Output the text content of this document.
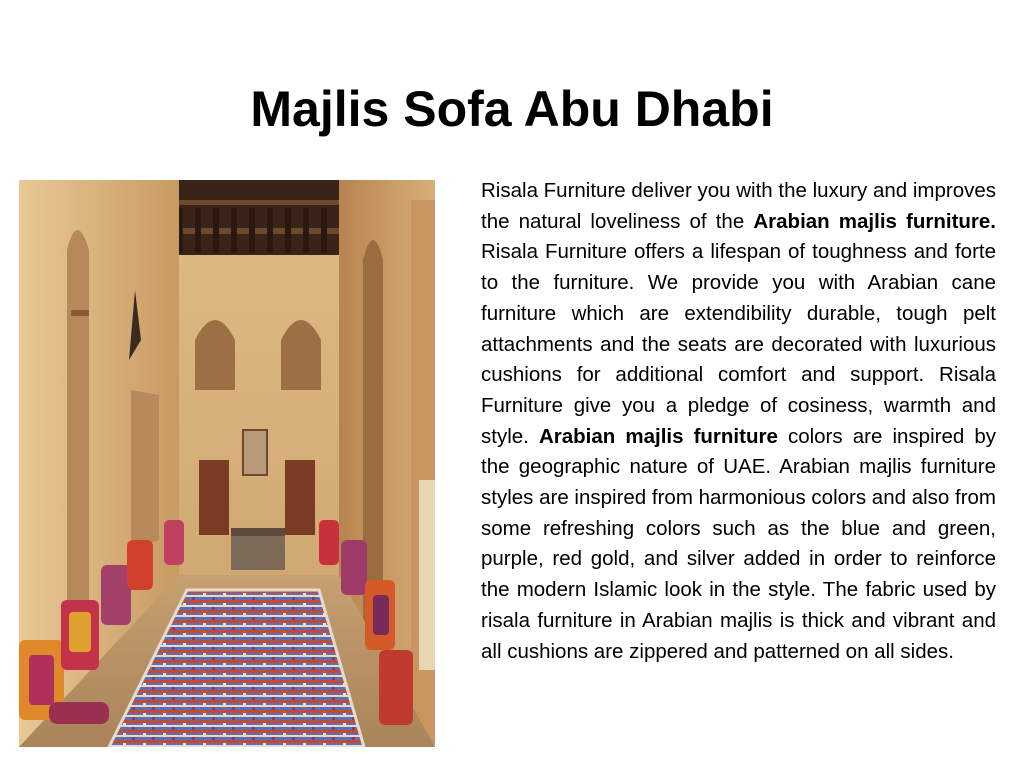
Majlis Sofa Abu Dhabi

Risala Furniture deliver you with the luxury and improves the natural loveliness of the Arabian majlis furniture. Risala Furniture offers a lifespan of toughness and forte to the furniture. We provide you with Arabian cane furniture which are extendibility durable, tough pelt attachments and the seats are decorated with luxurious cushions for additional comfort and support. Risala Furniture give you a pledge of cosiness, warmth and style. Arabian majlis furniture colors are inspired by the geographic nature of UAE. Arabian majlis furniture styles are inspired from harmonious colors and also from some refreshing colors such as the blue and green, purple, red gold, and silver added in order to reinforce the modern Islamic look in the style. The fabric used by risala furniture in Arabian majlis is thick and vibrant and all cushions are zippered and patterned on all sides.
